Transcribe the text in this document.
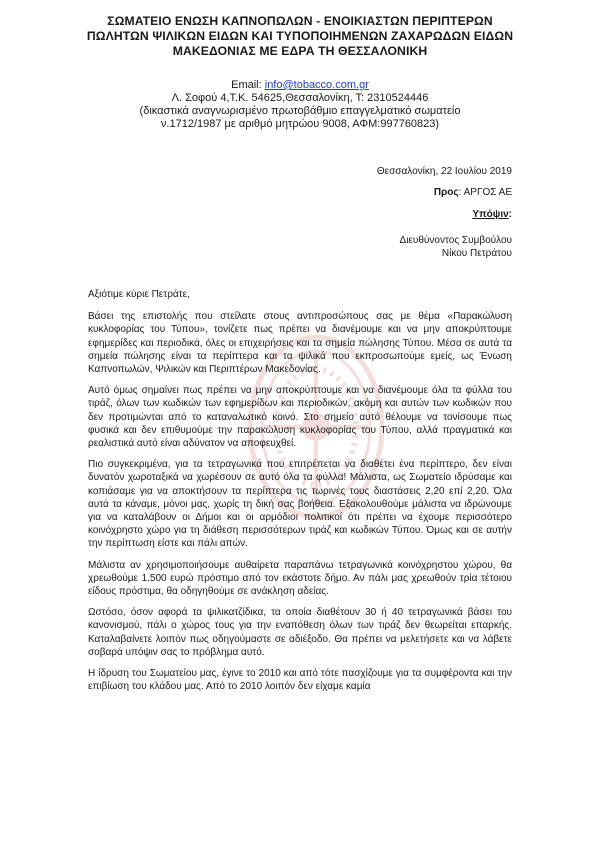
ΣΩΜΑΤΕΙΟ ΕΝΩΣΗ ΚΑΠΝΟΠΩΛΩΝ - ΕΝΟΙΚΙΑΣΤΩΝ ΠΕΡΙΠΤΕΡΩΝ
ΠΩΛΗΤΩΝ ΨΙΛΙΚΩΝ ΕΙΔΩΝ ΚΑΙ ΤΥΠΟΠΟΙΗΜΕΝΩΝ ΖΑΧΑΡΩΔΩΝ ΕΙΔΩΝ
ΜΑΚΕΔΟΝΙΑΣ ΜΕ ΕΔΡΑ ΤΗ ΘΕΣΣΑΛΟΝΙΚΗ
Email: info@tobacco.com.gr
Λ. Σοφού 4,Τ.Κ. 54625,Θεσσαλονίκη, Τ: 2310524446
(δικαστικά αναγνωρισμένο πρωτοβάθμιο επαγγελματικό σωματείο
ν.1712/1987 με αριθμό μητρώου 9008, ΑΦΜ:997760823)
Θεσσαλονίκη, 22 Ιουλίου 2019
Προς: ΑΡΓΟΣ ΑΕ
Υπόψιν:
Διευθύνοντος Συμβούλου
Νίκου Πετράτου

Αξιότιμε κύριε Πετράτε,

Βάσει της επιστολής που στείλατε στους αντιπροσώπους σας με θέμα «Παρακώλυση κυκλοφορίας του Τύπου», τονίζετε πως πρέπει να διανέμουμε και να μην αποκρύπτουμε εφημερίδες και περιοδικά, όλες οι επιχειρήσεις και τα σημεία πώλησης Τύπου. Μέσα σε αυτά τα σημεία πώλησης είναι τα περίπτερα και τα ψιλικά που εκπροσωπούμε εμείς, ως Ένωση Καπνοπωλών, Ψιλικών και Περιπτέρων Μακεδονίας.

Αυτό όμως σημαίνει πως πρέπει να μην αποκρύπτουμε και να διανέμουμε όλα τα φύλλα του τιράζ, όλων των κωδικών των εφημερίδων και περιοδικών, ακόμη και αυτών των κωδικών που δεν προτιμώνται από το καταναλωτικό κοινό. Στο σημείο αυτό θέλουμε να τονίσουμε πως φυσικά και δεν επιθυμούμε την παρακώλυση κυκλοφορίας του Τύπου, αλλά πραγματικά και ρεαλιστικά αυτό είναι αδύνατον να αποφευχθεί.

Πιο συγκεκριμένα, για τα τετραγωνικά που επιτρέπεται να διαθέτει ένα περίπτερο, δεν είναι δυνατόν χωροταξικά να χωρέσουν σε αυτό όλα τα φύλλα! Μάλιστα, ως Σωματείο ιδρύσαμε και κοπιάσαμε για να αποκτήσουν τα περίπτερα τις τωρινές τους διαστάσεις 2,20 επί 2,20. Όλα αυτά τα κάναμε, μόνοι μας, χωρίς τη δική σας βοήθεια. Εξακολουθούμε μάλιστα να ιδρώνουμε για να καταλάβουν οι Δήμοι και οι αρμόδιοι πολιτικοί ότι πρέπει να έχουμε περισσότερο κοινόχρηστο χώρο για τη διάθεση περισσότερων τιράζ και κωδικών Τύπου. Όμως και σε αυτήν την περίπτωση είστε και πάλι απών.

Μάλιστα αν χρησιμοποιήσουμε αυθαίρετα παραπάνω τετραγωνικά κοινόχρηστου χώρου, θα χρεωθούμε 1.500 ευρώ πρόστιμο από τον εκάστοτε δήμο. Αν πάλι μας χρεωθούν τρία τέτοιου είδους πρόστιμα, θα οδηγηθούμε σε ανάκληση αδείας.

Ωστόσο, όσον αφορά τα ψιλικατζίδικα, τα οποία διαθέτουν 30 ή 40 τετραγωνικά βάσει του κανονισμού, πάλι ο χώρος τους για την εναπόθεση όλων των τιράζ δεν θεωρείται επαρκής. Καταλαβαίνετε λοιπόν πως οδηγούμαστε σε αδιέξοδο. Θα πρέπει να μελετήσετε και να λάβετε σοβαρά υπόψιν σας το πρόβλημα αυτό.

Η ίδρυση του Σωματείου μας, έγινε το 2010 και από τότε πασχίζουμε για τα συμφέροντα και την επιβίωση του κλάδου μας. Από το 2010 λοιπόν δεν είχαμε καμία
